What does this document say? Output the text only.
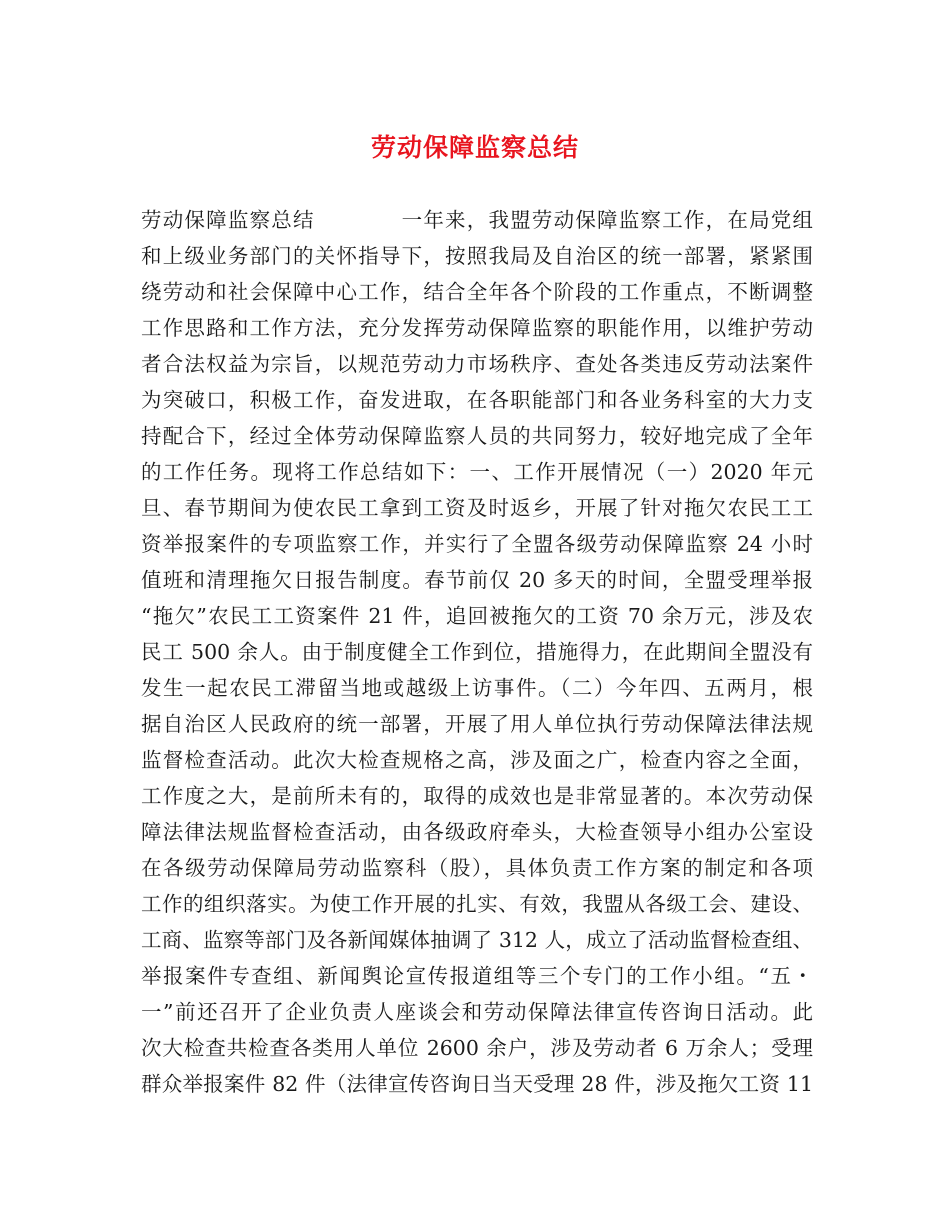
劳动保障监察总结
劳动保障监察总结　　　　一年来，我盟劳动保障监察工作，在局党组
和上级业务部门的关怀指导下，按照我局及自治区的统一部署，紧紧围
绕劳动和社会保障中心工作，结合全年各个阶段的工作重点，不断调整
工作思路和工作方法，充分发挥劳动保障监察的职能作用，以维护劳动
者合法权益为宗旨，以规范劳动力市场秩序、查处各类违反劳动法案件
为突破口，积极工作，奋发进取，在各职能部门和各业务科室的大力支
持配合下，经过全体劳动保障监察人员的共同努力，较好地完成了全年
的工作任务。现将工作总结如下：一、工作开展情况（一）2020 年元
旦、春节期间为使农民工拿到工资及时返乡，开展了针对拖欠农民工工
资举报案件的专项监察工作，并实行了全盟各级劳动保障监察 24 小时
值班和清理拖欠日报告制度。春节前仅 20 多天的时间，全盟受理举报
“拖欠”农民工工资案件 21 件，追回被拖欠的工资 70 余万元，涉及农
民工 500 余人。由于制度健全工作到位，措施得力，在此期间全盟没有
发生一起农民工滞留当地或越级上访事件。（二）今年四、五两月，根
据自治区人民政府的统一部署，开展了用人单位执行劳动保障法律法规
监督检查活动。此次大检查规格之高，涉及面之广，检查内容之全面，
工作度之大，是前所未有的，取得的成效也是非常显著的。本次劳动保
障法律法规监督检查活动，由各级政府牵头，大检查领导小组办公室设
在各级劳动保障局劳动监察科（股），具体负责工作方案的制定和各项
工作的组织落实。为使工作开展的扎实、有效，我盟从各级工会、建设、
工商、监察等部门及各新闻媒体抽调了 312 人，成立了活动监督检查组、
举报案件专查组、新闻舆论宣传报道组等三个专门的工作小组。“五・
一”前还召开了企业负责人座谈会和劳动保障法律宣传咨询日活动。此
次大检查共检查各类用人单位 2600 余户，涉及劳动者 6 万余人；受理
群众举报案件 82 件（法律宣传咨询日当天受理 28 件，涉及拖欠工资 11
